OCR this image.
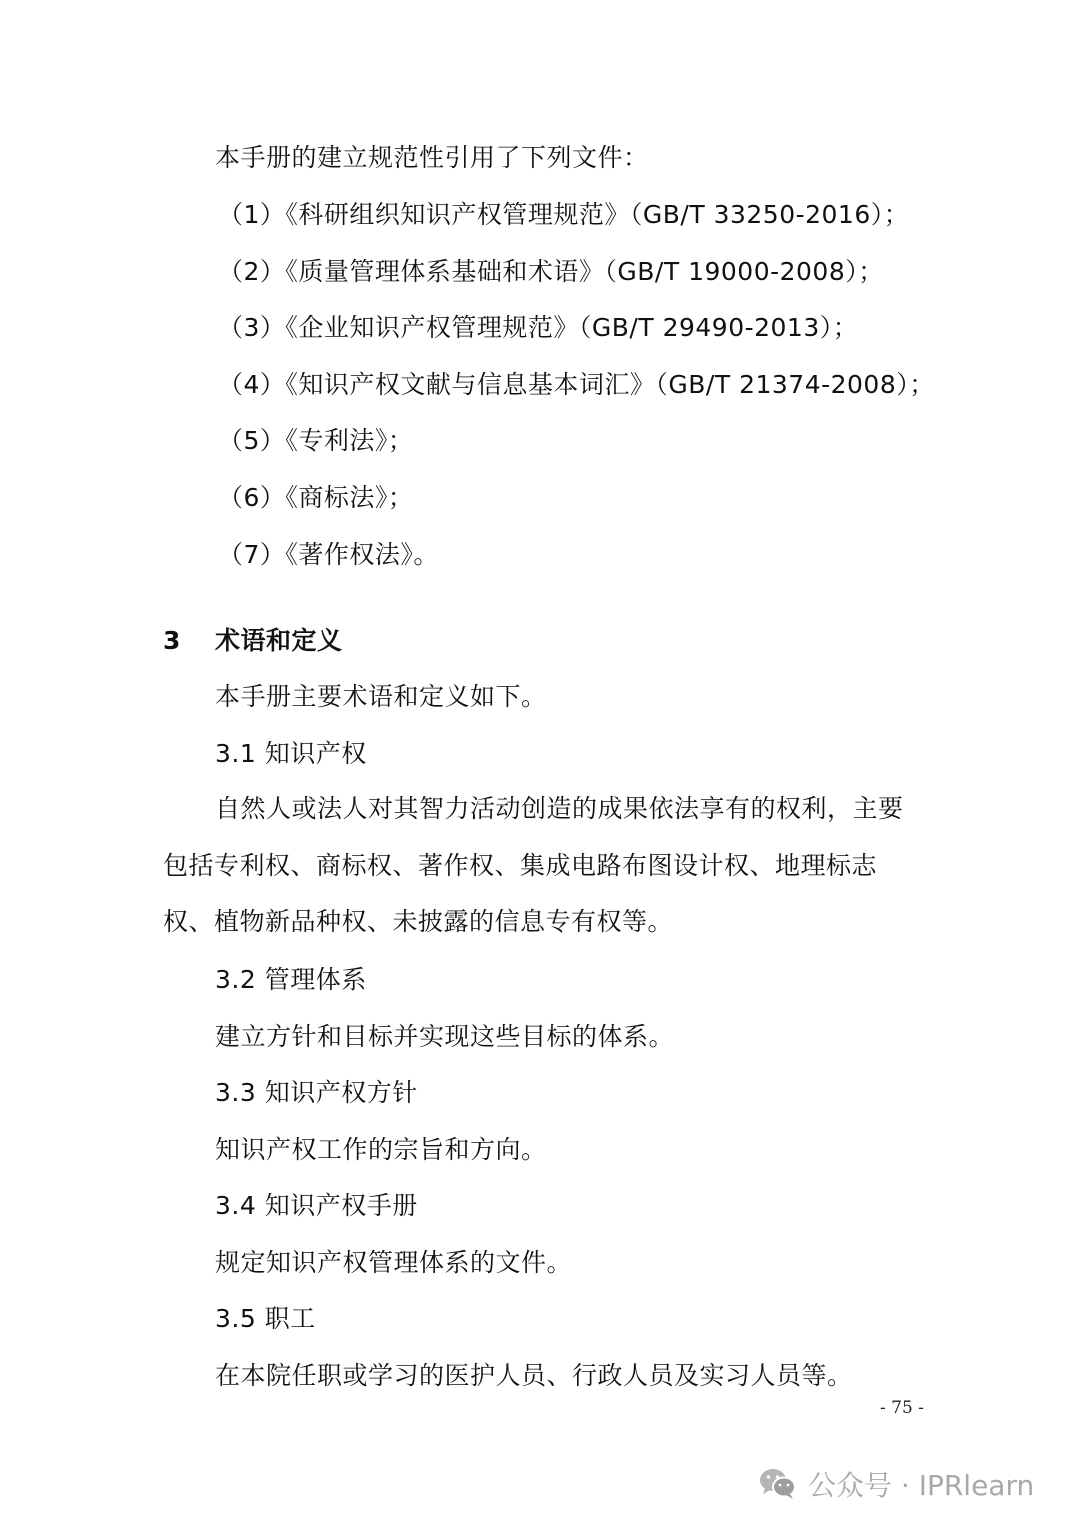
本手册的建立规范性引用了下列文件：
（1）《科研组织知识产权管理规范》（GB/T 33250-2016）；
（2）《质量管理体系基础和术语》（GB/T 19000-2008）；
（3）《企业知识产权管理规范》（GB/T 29490-2013）；
（4）《知识产权文献与信息基本词汇》（GB/T 21374-2008）；
（5）《专利法》；
（6）《商标法》；
（7）《著作权法》。
3 术语和定义
本手册主要术语和定义如下。
3.1 知识产权
自然人或法人对其智力活动创造的成果依法享有的权利，主要包括专利权、商标权、著作权、集成电路布图设计权、地理标志权、植物新品种权、未披露的信息专有权等。
3.2 管理体系
建立方针和目标并实现这些目标的体系。
3.3 知识产权方针
知识产权工作的宗旨和方向。
3.4 知识产权手册
规定知识产权管理体系的文件。
3.5 职工
在本院任职或学习的医护人员、行政人员及实习人员等。
- 75 -
公众号 · IPRlearn
